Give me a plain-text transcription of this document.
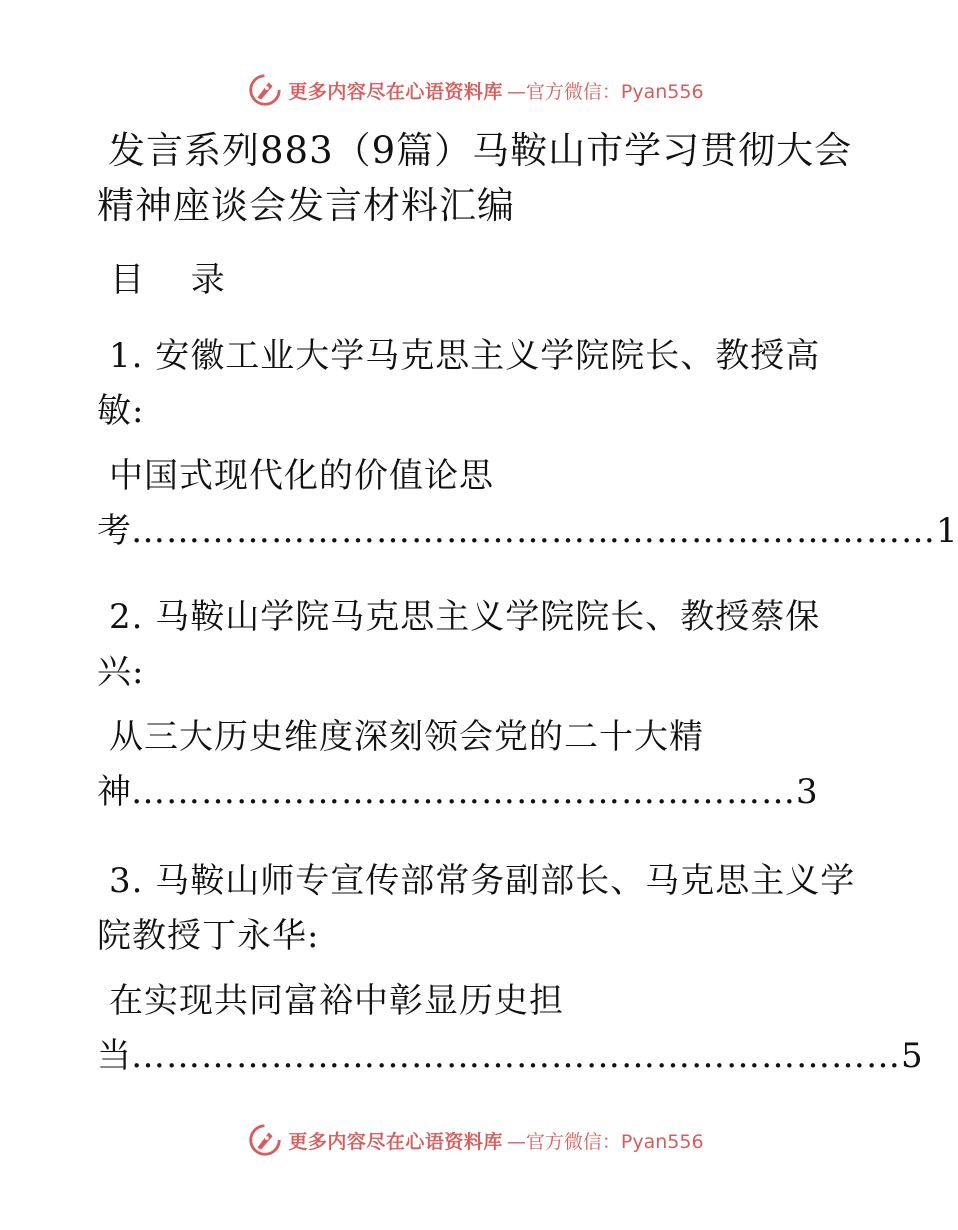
更多内容尽在心语资料库 —官方微信：Pyan556
发言系列883（9篇）马鞍山市学习贯彻大会精神座谈会发言材料汇编
目 录
1. 安徽工业大学马克思主义学院院长、教授高敏:
中国式现代化的价值论思
考……………………………………………………………1
2. 马鞍山学院马克思主义学院院长、教授蔡保兴:
从三大历史维度深刻领会党的二十大精
神…………………………………………………3
3. 马鞍山师专宣传部常务副部长、马克思主义学院教授丁永华:
在实现共同富裕中彰显历史担
当…………………………………………………………5
更多内容尽在心语资料库 —官方微信：Pyan556
